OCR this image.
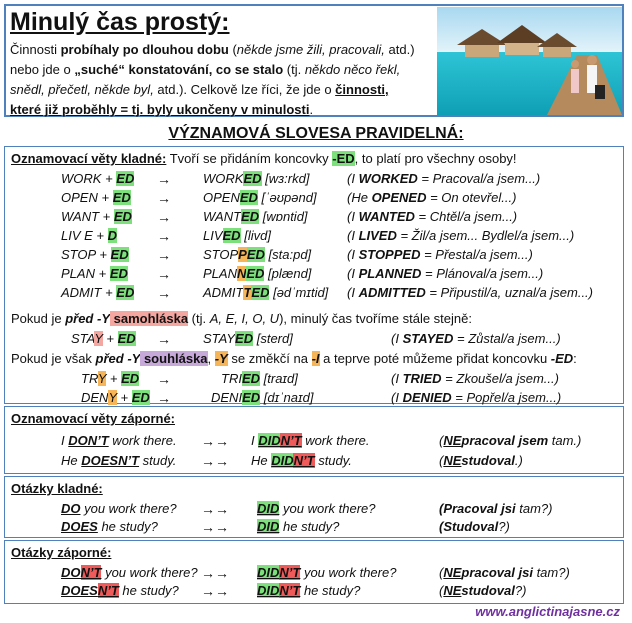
Minulý čas prostý:
Činnosti probíhaly po dlouhou dobu (někde jsme žili, pracovali, atd.)
nebo jde o „suché“ konstatování, co se stalo (tj. někdo něco řekl,
snědl, přečetl, někde byl, atd.). Celkově lze říci, že jde o činnosti,
které již proběhly = tj. byly ukončeny v minulosti.
VÝZNAMOVÁ SLOVESA PRAVIDELNÁ:
Oznamovací věty kladné: Tvoří se přidáním koncovky -ED, to platí pro všechny osoby!
WORK + ED → WORKED [wɜ:rkd]	(I WORKED = Pracoval/a jsem...)
OPEN + ED → OPENED [ˈəʊpənd] (He OPENED = On otevřel...)
WANT + ED → WANTED [wɒntid]	(I WANTED = Chtěl/a jsem...)
LIV E + D	→ LIVED [livd]	(I LIVED = Žil/a jsem... Bydlel/a jsem...)
STOP + ED → STOPPED [sta:pd]	(I STOPPED = Přestal/a jsem...)
PLAN + ED → PLANNED [plænd]	(I PLANNED = Plánoval/a jsem...)
ADMIT + ED → ADMITTED [ədˈmɪtid] (I ADMITTED = Připustil/a, uznal/a jsem...)
Pokud je před -Y samohláska (tj. A, E, I, O, U), minulý čas tvoříme stále stejně:
STAY + ED → STAYED [sterd]	(I STAYED = Zůstal/a jsem...)
Pokud je však před -Y souhláska, -Y se změkčí na -I a teprve poté můžeme přidat koncovku -ED:
TRY + ED →	TRIED [traɪd]	(I TRIED = Zkoušel/a jsem...)
DENY + ED →	DENIED [dɪˈnaɪd]	(I DENIED = Popřel/a jsem...)
Oznamovací věty záporné:
I DON’T work there. →→ I DIDN’T work there.	(NEpracoval jsem tam.)
He DOESN’T study. →→ He DIDN’T study.	(NEstudoval.)
Otázky kladné:
DO you work there? →→ DID you work there?	(Pracoval jsi tam?)
DOES he study?	→→ DID he study?	(Studoval?)
Otázky záporné:
DON’T you work there? →→ DIDN’T you work there?	(NEpracoval jsi tam?)
DOESN’T he study? →→ DIDN’T he study?	(NEstudoval?)
www.anglictinajasne.cz
